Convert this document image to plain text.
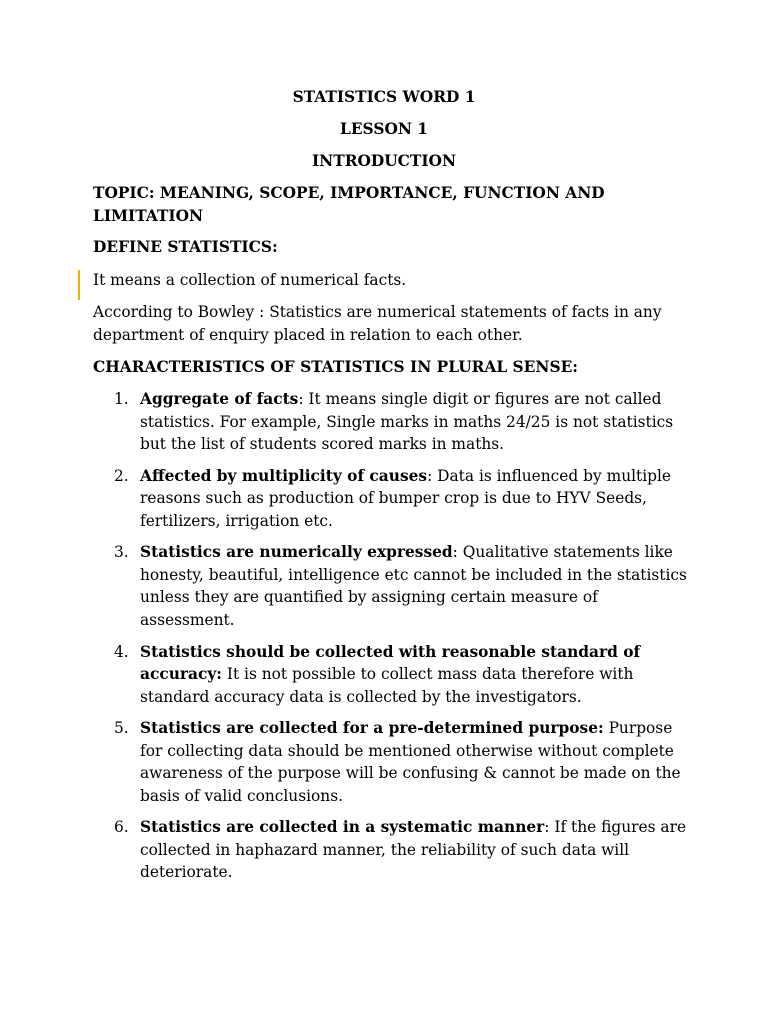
STATISTICS WORD 1
LESSON 1
INTRODUCTION
TOPIC: MEANING, SCOPE, IMPORTANCE, FUNCTION AND LIMITATION
DEFINE STATISTICS:
It means a collection of numerical facts.
According to Bowley : Statistics are numerical statements of facts in any department of enquiry placed in relation to each other.
CHARACTERISTICS OF STATISTICS IN PLURAL SENSE:
1. Aggregate of facts: It means single digit or figures are not called statistics. For example, Single marks in maths 24/25 is not statistics but the list of students scored marks in maths.
2. Affected by multiplicity of causes: Data is influenced by multiple reasons such as production of bumper crop is due to HYV Seeds, fertilizers, irrigation etc.
3. Statistics are numerically expressed: Qualitative statements like honesty, beautiful, intelligence etc cannot be included in the statistics unless they are quantified by assigning certain measure of assessment.
4. Statistics should be collected with reasonable standard of accuracy: It is not possible to collect mass data therefore with standard accuracy data is collected by the investigators.
5. Statistics are collected for a pre-determined purpose: Purpose for collecting data should be mentioned otherwise without complete awareness of the purpose will be confusing & cannot be made on the basis of valid conclusions.
6. Statistics are collected in a systematic manner: If the figures are collected in haphazard manner, the reliability of such data will deteriorate.
